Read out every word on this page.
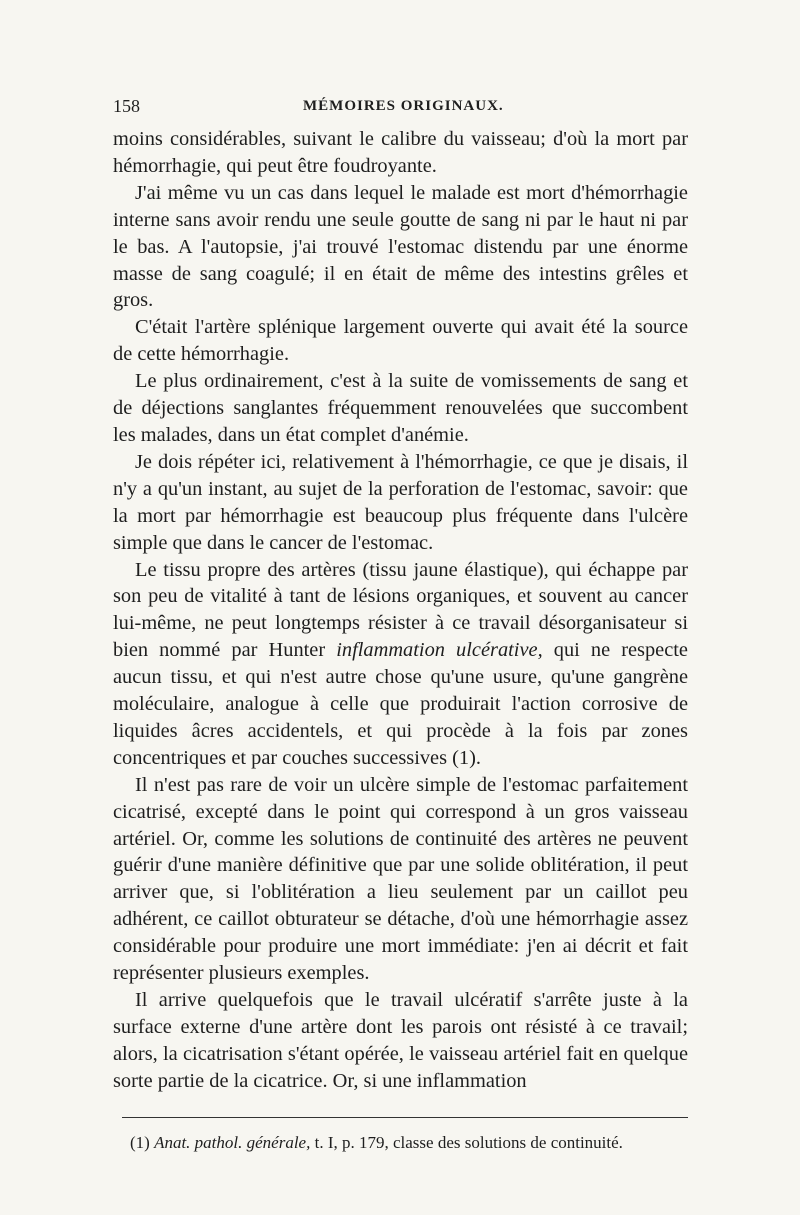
158	MÉMOIRES ORIGINAUX.

moins considérables, suivant le calibre du vaisseau; d'où la mort par hémorrhagie, qui peut être foudroyante.

J'ai même vu un cas dans lequel le malade est mort d'hémorrhagie interne sans avoir rendu une seule goutte de sang ni par le haut ni par le bas. A l'autopsie, j'ai trouvé l'estomac distendu par une énorme masse de sang coagulé; il en était de même des intestins grêles et gros.

C'était l'artère splénique largement ouverte qui avait été la source de cette hémorrhagie.

Le plus ordinairement, c'est à la suite de vomissements de sang et de déjections sanglantes fréquemment renouvelées que succombent les malades, dans un état complet d'anémie.

Je dois répéter ici, relativement à l'hémorrhagie, ce que je disais, il n'y a qu'un instant, au sujet de la perforation de l'estomac, savoir: que la mort par hémorrhagie est beaucoup plus fréquente dans l'ulcère simple que dans le cancer de l'estomac.

Le tissu propre des artères (tissu jaune élastique), qui échappe par son peu de vitalité à tant de lésions organiques, et souvent au cancer lui-même, ne peut longtemps résister à ce travail désorganisateur si bien nommé par Hunter inflammation ulcérative, qui ne respecte aucun tissu, et qui n'est autre chose qu'une usure, qu'une gangrène moléculaire, analogue à celle que produirait l'action corrosive de liquides âcres accidentels, et qui procède à la fois par zones concentriques et par couches successives (1).

Il n'est pas rare de voir un ulcère simple de l'estomac parfaitement cicatrisé, excepté dans le point qui correspond à un gros vaisseau artériel. Or, comme les solutions de continuité des artères ne peuvent guérir d'une manière définitive que par une solide oblitération, il peut arriver que, si l'oblitération a lieu seulement par un caillot peu adhérent, ce caillot obturateur se détache, d'où une hémorrhagie assez considérable pour produire une mort immédiate: j'en ai décrit et fait représenter plusieurs exemples.

Il arrive quelquefois que le travail ulcératif s'arrête juste à la surface externe d'une artère dont les parois ont résisté à ce travail; alors, la cicatrisation s'étant opérée, le vaisseau artériel fait en quelque sorte partie de la cicatrice. Or, si une inflammation

(1) Anat. pathol. générale, t. I, p. 179, classe des solutions de continuité.
